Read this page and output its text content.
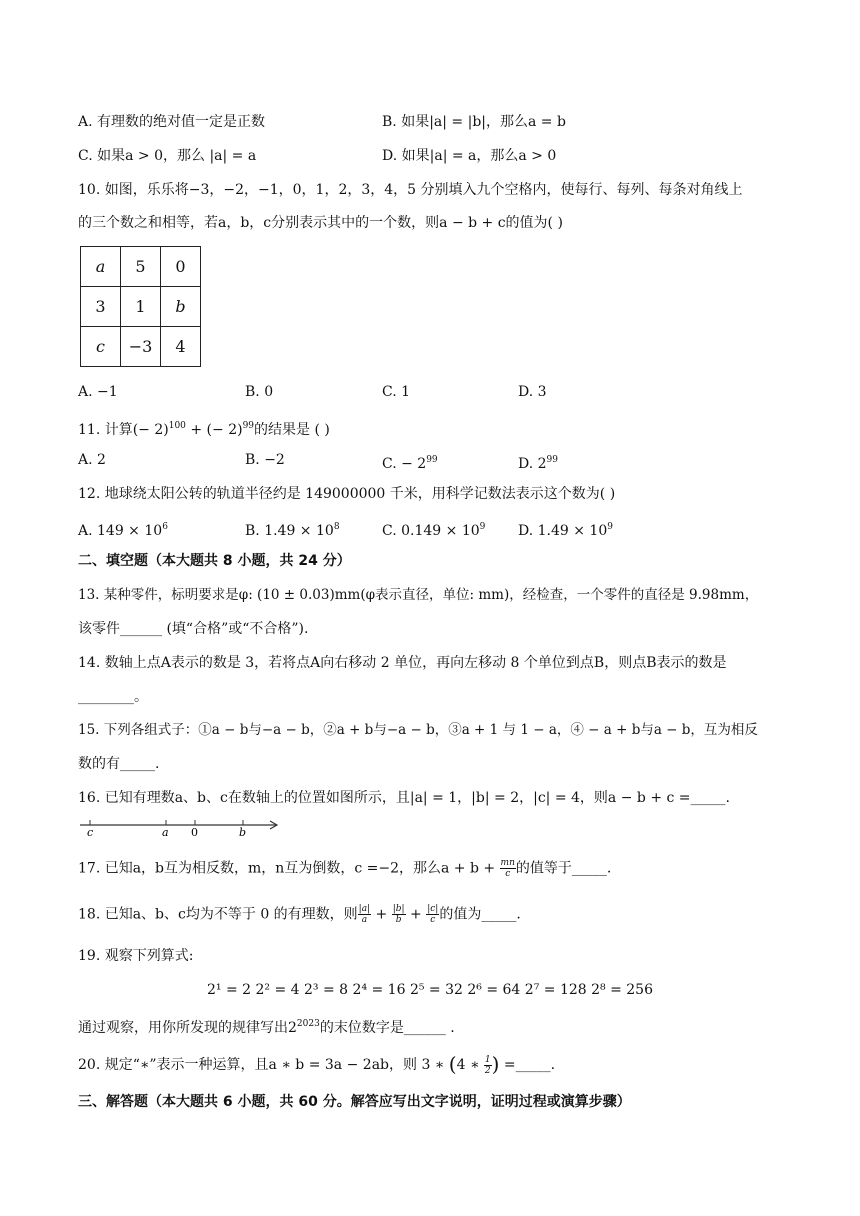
A. 有理数的绝对值一定是正数	B. 如果|a| = |b|，那么a = b
C. 如果a > 0，那么 |a| = a	D. 如果|a| = a，那么a > 0
10. 如图，乐乐将−3，−2，−1，0，1，2，3，4，5 分别填入九个空格内，使每行、每列、每条对角线上
的三个数之和相等，若a，b，c分别表示其中的一个数，则a − b + c的值为( )
a	5	0
3	1	b
c	−3	4
A. −1	B. 0	C. 1	D. 3
11. 计算(− 2)$^{100}$ + (− 2)$^{99}$的结果是 ( )
A. 2	B. −2	C. − $2^{99}$	D. $2^{99}$
12. 地球绕太阳公转的轨道半径约是 149000000 千米，用科学记数法表示这个数为( )
A. $149 \times 10^6$	B. $1.49 \times 10^8$	C. $0.149 \times 10^9$ D. $1.49 \times 10^9$
二、填空题（本大题共 8 小题，共 24 分）
13. 某种零件，标明要求是φ: (10 ± 0.03)mm(φ表示直径，单位: mm)，经检查，一个零件的直径是 9.98mm，
该零件______ (填“合格”或“不合格”).
14. 数轴上点A表示的数是 3，若将点A向右移动 2 单位，再向左移动 8 个单位到点B，则点B表示的数是
________。
15. 下列各组式子：①a − b与−a − b，②a + b与−a − b，③a + 1 与 1 − a，④ − a + b与a − b，互为相反
数的有_____.
16. 已知有理数a、b、c在数轴上的位置如图所示，且|a| = 1，|b| = 2，|c| = 4，则a − b + c =_____.
c	a 0	b
17. 已知a，b互为相反数，m，n互为倒数，c =−2，那么$a + b + \frac{mn}{c}$ 的值等于_____.
18. 已知a、b、c均为不等于 0 的有理数，则 $\frac{|a|}{a} + \frac{|b|}{b} + \frac{|c|}{c}$ 的值为_____.
19. 观察下列算式:
2¹ = 2 2² = 4 2³ = 8 2⁴ = 16 2⁵ = 32 2⁶ = 64 2⁷ = 128 2⁸ = 256
通过观察，用你所发现的规律写出$2^{2023}$的末位数字是______ .
20. 规定“∗”表示一种运算，且a ∗ b = 3a − 2ab，则 3 ∗ (4 ∗ $\frac{1}{2}$ ) =_____.
三、解答题（本大题共 6 小题，共 60 分。解答应写出文字说明，证明过程或演算步骤）
